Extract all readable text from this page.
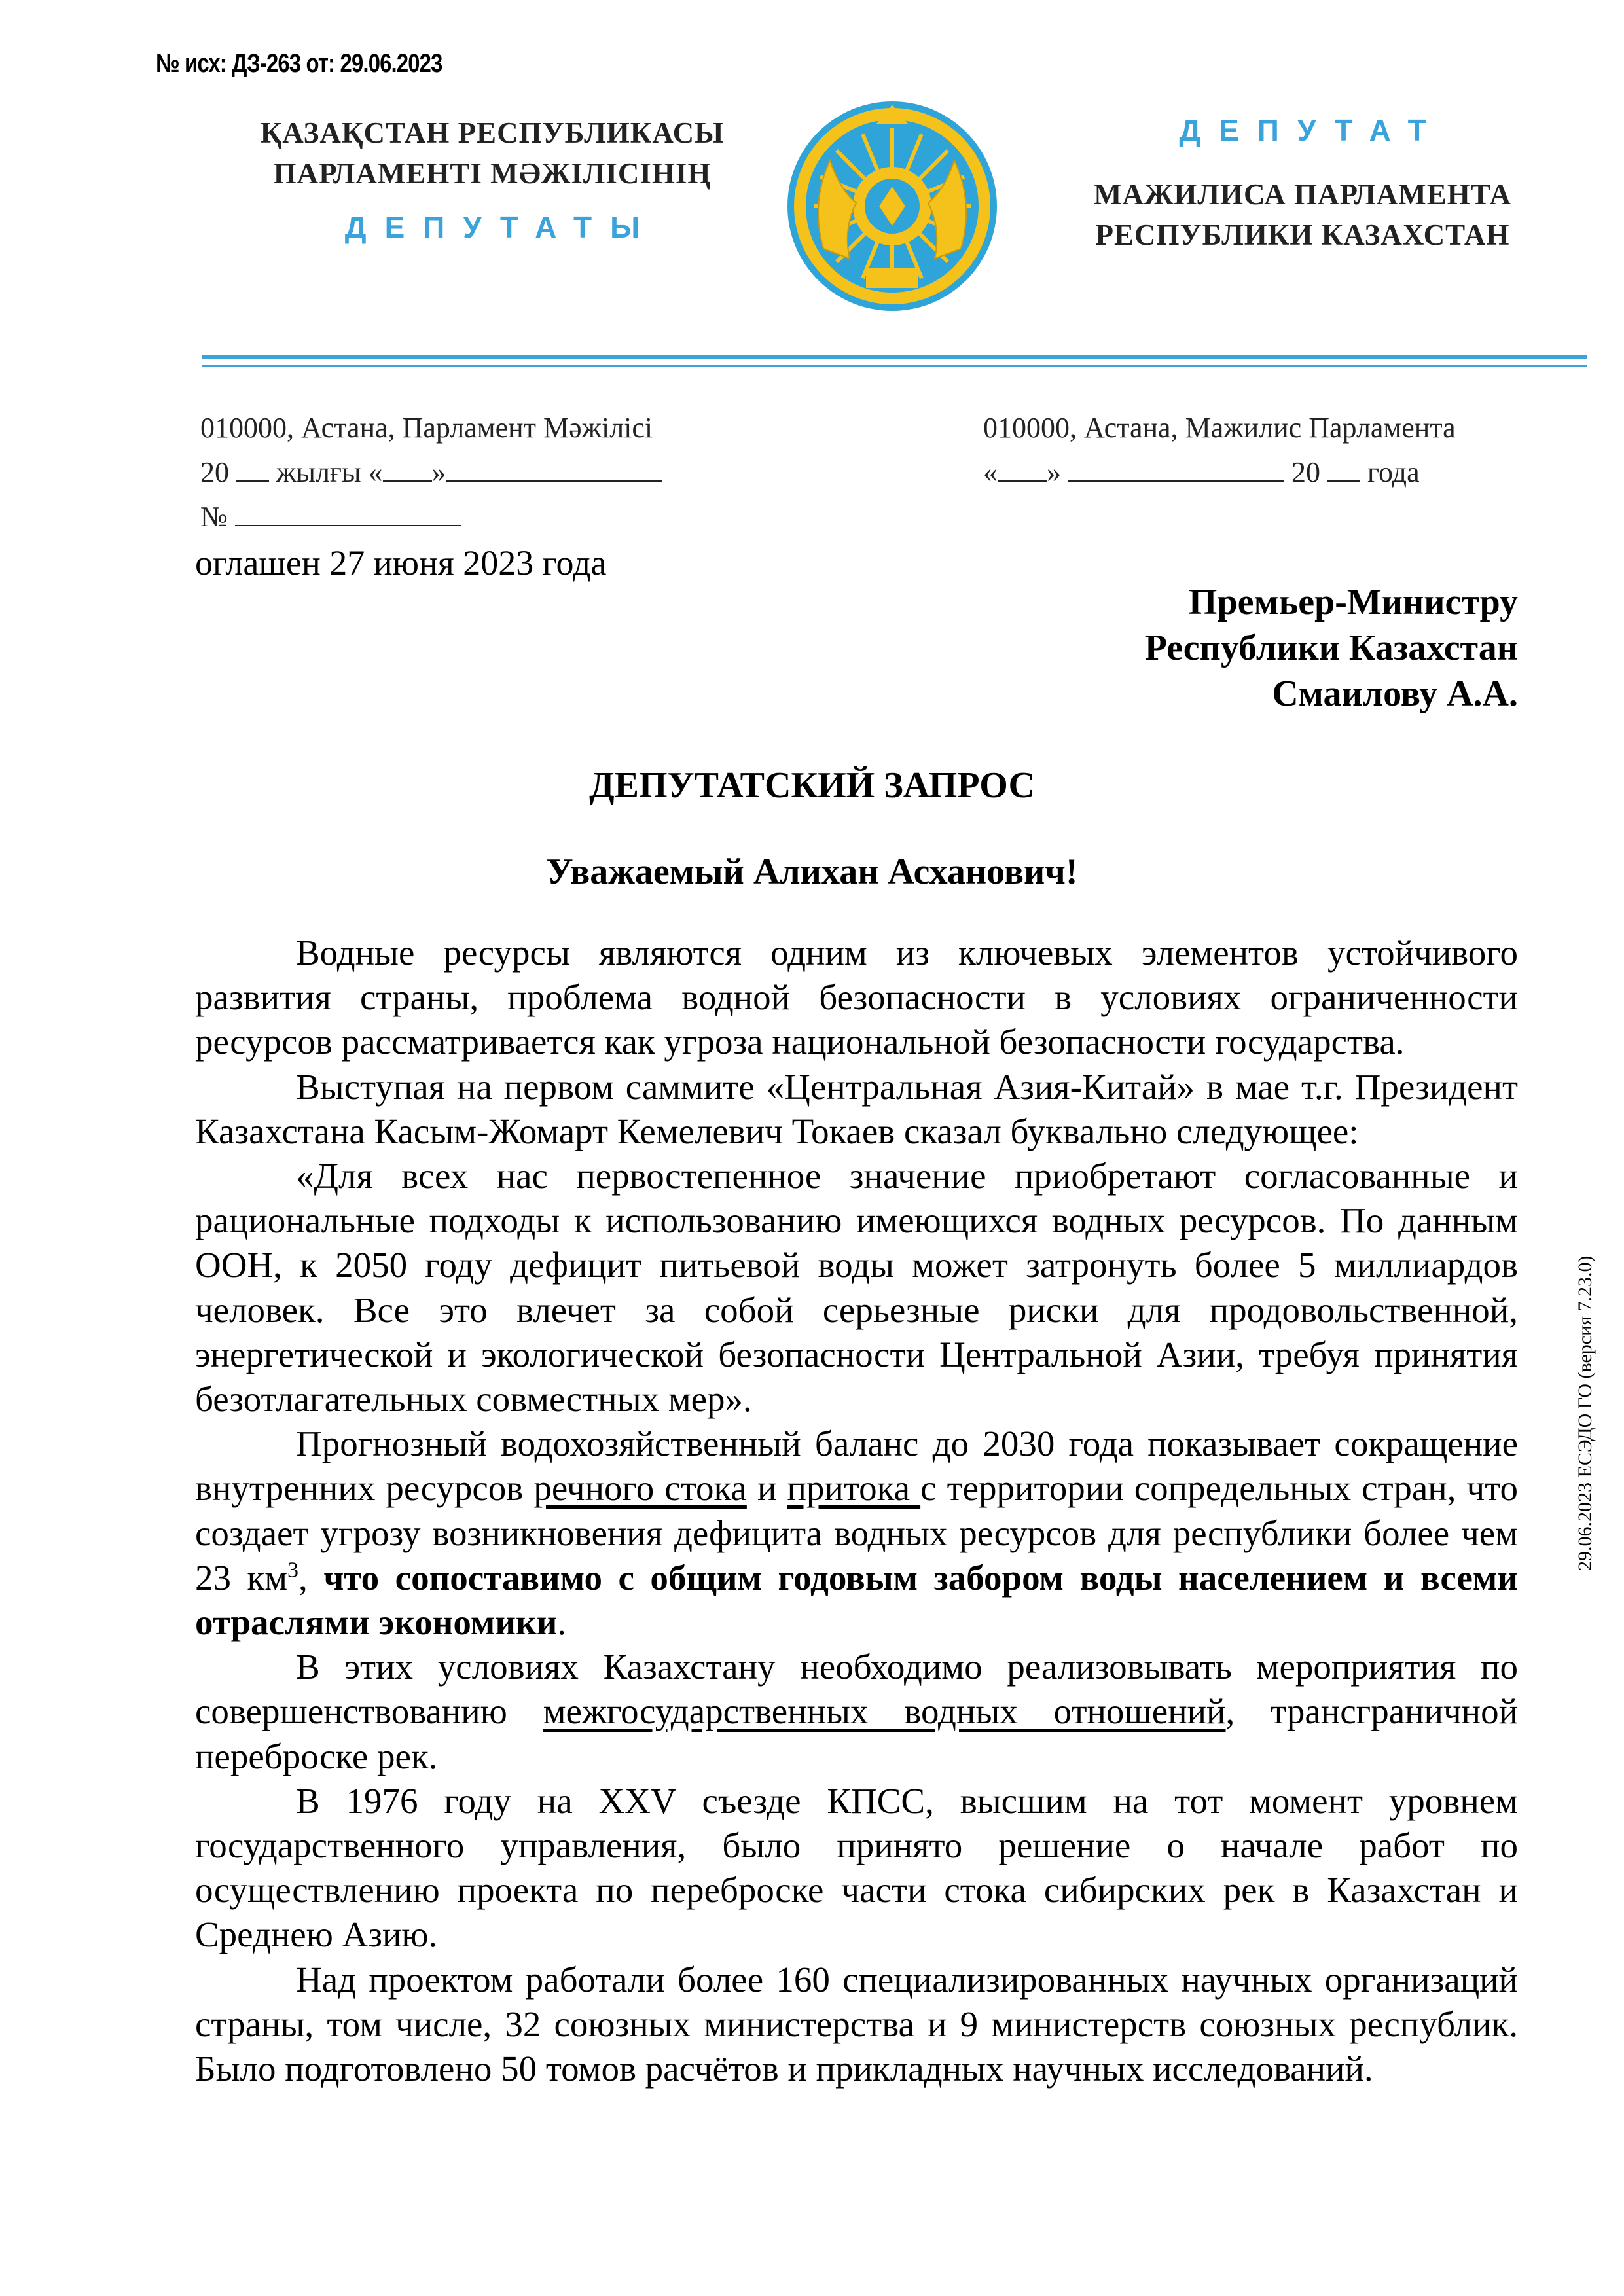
№ исх: ДЗ-263 от: 29.06.2023
ҚАЗАҚСТАН РЕСПУБЛИКАСЫ
ПАРЛАМЕНТІ МӘЖІЛІСІНІҢ
ДЕПУТАТЫ
ДЕПУТАТ
МАЖИЛИСА ПАРЛАМЕНТА
РЕСПУБЛИКИ КАЗАХСТАН
010000, Астана, Парламент Мәжілісі
20 жылғы « »
№
010000, Астана, Мажилис Парламента
« »	20 года
оглашен 27 июня 2023 года
Премьер-Министру
Республики Казахстан
Смаилову А.А.
ДЕПУТАТСКИЙ ЗАПРОС
Уважаемый Алихан Асханович!

Водные ресурсы являются одним из ключевых элементов устойчивого развития страны, проблема водной безопасности в условиях ограниченности ресурсов рассматривается как угроза национальной безопасности государства.

Выступая на первом саммите «Центральная Азия-Китай» в мае т.г. Президент Казахстана Касым-Жомарт Кемелевич Токаев сказал буквально следующее:

«Для всех нас первостепенное значение приобретают согласованные и рациональные подходы к использованию имеющихся водных ресурсов. По данным ООН, к 2050 году дефицит питьевой воды может затронуть более 5 миллиардов человек. Все это влечет за собой серьезные риски для продовольственной, энергетической и экологической безопасности Центральной Азии, требуя принятия безотлагательных совместных мер».

Прогнозный водохозяйственный баланс до 2030 года показывает сокращение внутренних ресурсов речного стока и притока с территории сопредельных стран, что создает угрозу возникновения дефицита водных ресурсов для республики более чем 23 $км^3$, что сопоставимо с общим годовым забором воды населением и всеми отраслями экономики.

В этих условиях Казахстану необходимо реализовывать мероприятия по совершенствованию межгосударственных водных отношений, трансграничной переброске рек.

В 1976 году на XXV съезде КПСС, высшим на тот момент уровнем государственного управления, было принято решение о начале работ по осуществлению проекта по переброске части стока сибирских рек в Казахстан и Среднею Азию.

Над проектом работали более 160 специализированных научных организаций страны, том числе, 32 союзных министерства и 9 министерств союзных республик. Было подготовлено 50 томов расчётов и прикладных научных исследований.

29.06.2023 ЕСЭДО ГО (версия 7.23.0)
